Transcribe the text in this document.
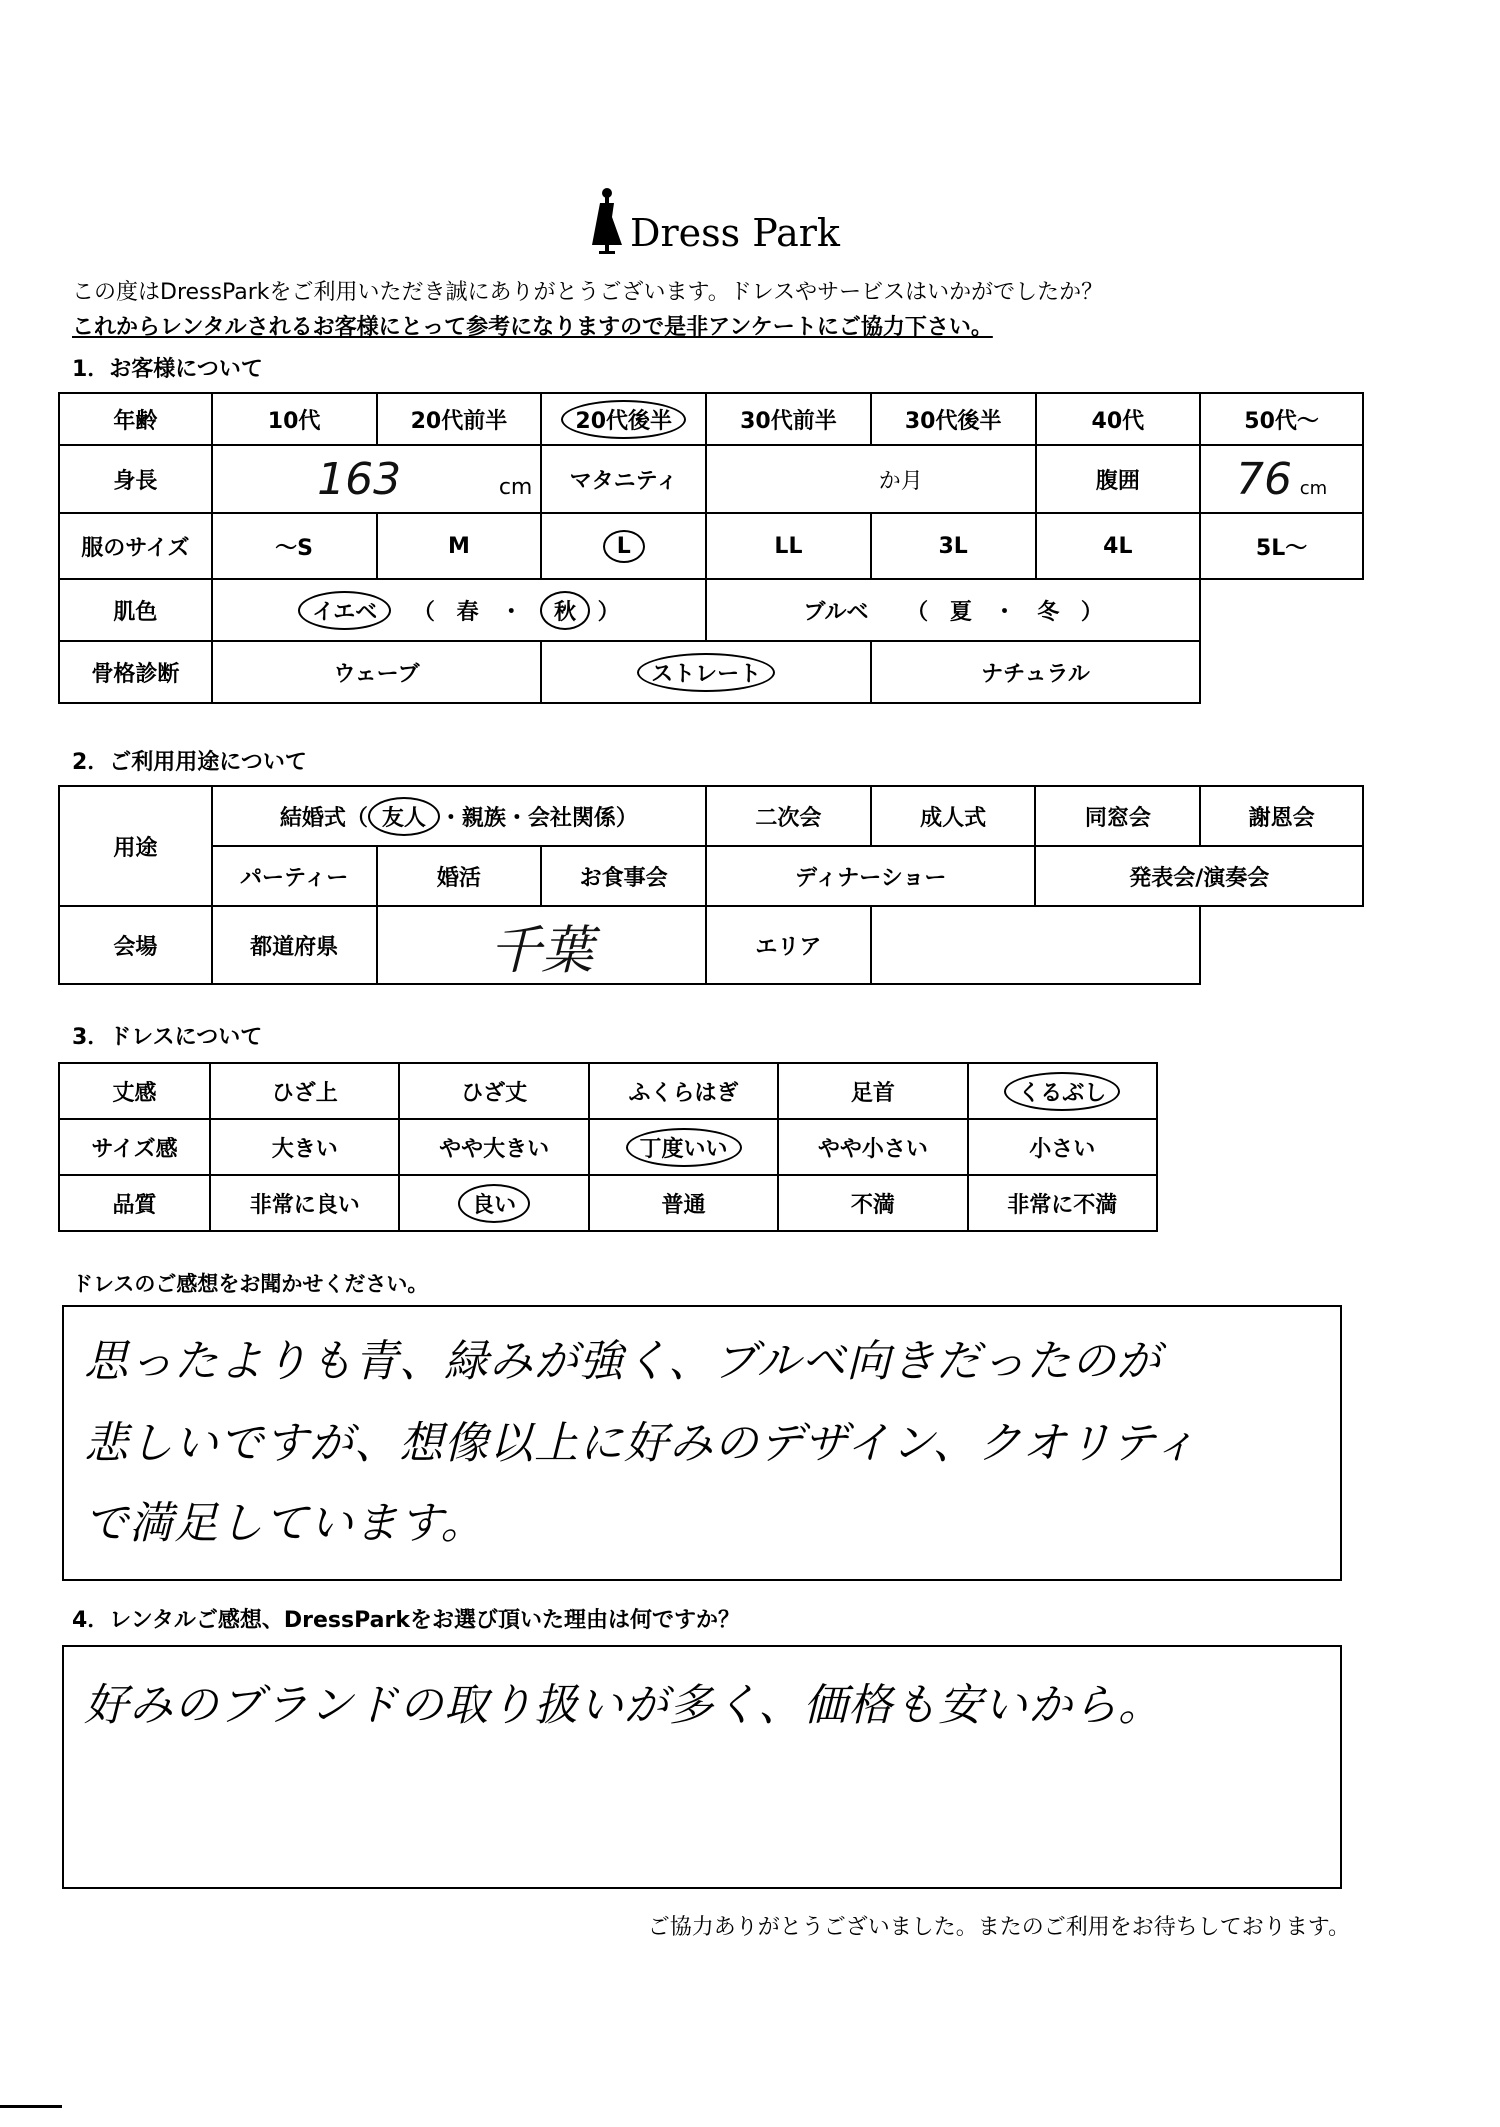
Dress Park
この度はDressParkをご利用いただき誠にありがとうございます。ドレスやサービスはいかがでしたか？
これからレンタルされるお客様にとって参考になりますので是非アンケートにご協力下さい。
1．お客様について
年齢	10代	20代前半	20代後半	30代前半	30代後半	40代	50代～
身長	163 cm		マタニティ	か月		腹囲	76 cm
服のサイズ	～S	M	L	LL	3L	4L	5L～
肌色	イエベ （ 春 ・ 秋 ）			ブルベ （ 夏 ・ 冬 ）			
骨格診断	ウェーブ		ストレート		ナチュラル		
2．ご利用用途について
用途	結婚式（ 友人 ・親族・会社関係）			二次会	成人式	同窓会	謝恩会
	パーティー	婚活	お食事会	ディナーショー		発表会/演奏会	
会場	都道府県	千葉		エリア			
3．ドレスについて
丈感	ひざ上	ひざ丈	ふくらはぎ	足首	くるぶし
サイズ感	大きい	やや大きい	丁度いい	やや小さい	小さい
品質	非常に良い	良い	普通	不満	非常に不満
ドレスのご感想をお聞かせください。
思ったよりも青、緑みが強く、ブルベ向きだったのが
悲しいですが、想像以上に好みのデザイン、クオリティ
で満足しています。
4．レンタルご感想、DressParkをお選び頂いた理由は何ですか？
好みのブランドの取り扱いが多く、価格も安いから。
ご協力ありがとうございました。またのご利用をお待ちしております。
